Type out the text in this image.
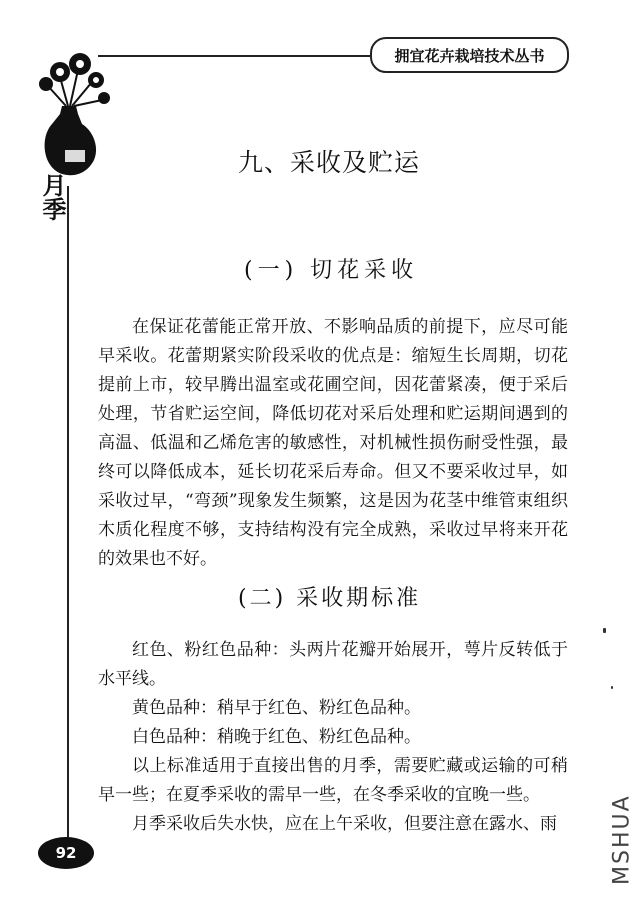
拥宜花卉栽培技术丛书
月季
九、采收及贮运
(一) 切花采收

在保证花蕾能正常开放、不影响品质的前提下，应尽可能早采收。花蕾期紧实阶段采收的优点是：缩短生长周期，切花提前上市，较早腾出温室或花圃空间，因花蕾紧凑，便于采后处理，节省贮运空间，降低切花对采后处理和贮运期间遇到的高温、低温和乙烯危害的敏感性，对机械性损伤耐受性强，最终可以降低成本，延长切花采后寿命。但又不要采收过早，如采收过早，“弯颈”现象发生频繁，这是因为花茎中维管束组织木质化程度不够，支持结构没有完全成熟，采收过早将来开花的效果也不好。

(二) 采收期标准

红色、粉红色品种：头两片花瓣开始展开，萼片反转低于水平线。

黄色品种：稍早于红色、粉红色品种。

白色品种：稍晚于红色、粉红色品种。

以上标准适用于直接出售的月季，需要贮藏或运输的可稍早一些；在夏季采收的需早一些，在冬季采收的宜晚一些。

月季采收后失水快，应在上午采收，但要注意在露水、雨

92	MSHUA
